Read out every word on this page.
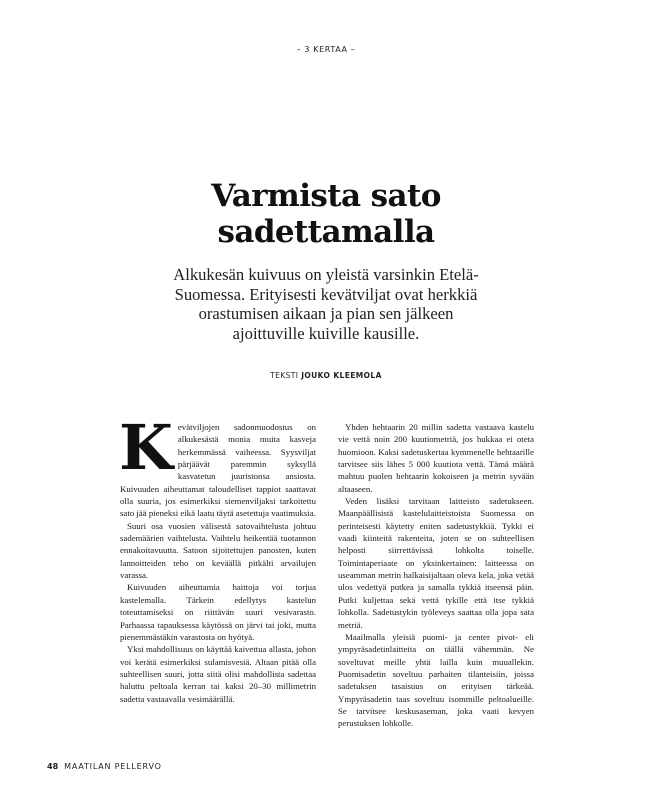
– 3 KERTAA –
Varmista sato
sadettamalla

Alkukesän kuivuus on yleistä varsinkin Etelä-Suomessa. Erityisesti kevätviljat ovat herkkiä orastumisen aikaan ja pian sen jälkeen ajoittuville kuiville kausille.

TEKSTI JOUKO KLEEMOLA

Kevätviljojen sadonmuodostus on alkukesästä monia muita kasveja herkemmässä vaiheessa. Syysviljat pärjäävät paremmin syksyllä kasvatetun juuristonsa ansiosta. Kuivuuden aiheuttamat taloudelliset tappiot saattavat olla suuria, jos esimerkiksi siemenviljaksi tarkoitettu sato jää pieneksi eikä laatu täytä asetettuja vaatimuksia.

Suuri osa vuosien välisestä satovaihtelusta johtuu sademäärien vaihtelusta. Vaihtelu heikentää tuotannon ennakoitavuutta. Satoon sijoitettujen panosten, kuten lannoitteiden teho on keväällä pitkälti arvailujen varassa.

Kuivuuden aiheuttamia haittoja voi torjua kastelemalla. Tärkein edellytys kastelun toteuttamiseksi on riittävän suuri vesivarasto. Parhaassa tapauksessa käytössä on järvi tai joki, mutta pienemmästäkin varastosta on hyötyä.

Yksi mahdollisuus on käyttää kaivettua allasta, johon voi kerätä esimerkiksi sulamisvesiä. Altaan pitää olla suhteellisen suuri, jotta siitä olisi mahdollista sadettaa haluttu peltoala kerran tai kaksi 20–30 millimetrin sadetta vastaavalla vesimäärällä.

Yhden hehtaarin 20 millin sadetta vastaava kastelu vie vettä noin 200 kuutiometriä, jos hukkaa ei oteta huomioon. Kaksi sadetuskertaa kymmenelle hehtaarille tarvitsee siis lähes 5 000 kuutiota vettä. Tämä määrä mahtuu puolen hehtaarin kokoiseen ja metrin syvään altaaseen.

Veden lisäksi tarvitaan laitteisto sadetukseen. Maanpäällisistä kastelulaitteistoista Suomessa on perinteisesti käytetty eniten sadetustykkiä. Tykki ei vaadi kiinteitä rakenteita, joten se on suhteellisen helposti siirrettävissä lohkolta toiselle. Toimintaperiaate on yksinkertainen: laitteessa on useamman metrin halkaisijaltaan oleva kela, joka vetää ulos vedettyä putkea ja samalla tykkiä itseensä päin. Putki kuljettaa sekä vettä tykille että itse tykkiä lohkolla. Sadetustykin työleveys saattaa olla jopa sata metriä.

Maailmalla yleisiä puomi- ja center pivot- eli ympyräsadetinlaitteita on täällä vähemmän. Ne soveltuvat meille yhtä lailla kuin muuallekin. Puomisadetin soveltuu parhaiten tilanteisiin, joissa sadetuksen tasaisuus on erityisen tärkeää. Ympyräsadetin taas soveltuu isommille peltoalueille. Se tarvitsee keskusaseman, joka vaati kevyen perustuksen lohkolle.

48 MAATILAN PELLERVO
